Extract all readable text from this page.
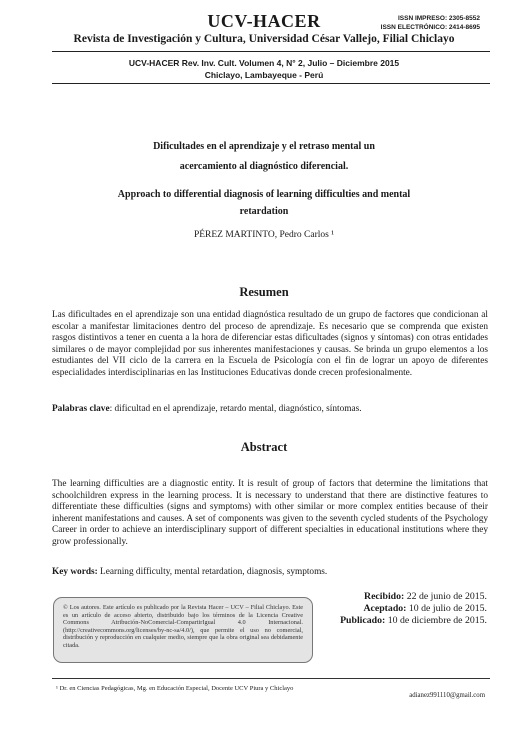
UCV-HACER	ISSN IMPRESO: 2305-8552
ISSN ELECTRÓNICO: 2414-8695
Revista de Investigación y Cultura, Universidad César Vallejo, Filial Chiclayo
UCV-HACER Rev. Inv. Cult. Volumen 4, N° 2, Julio – Diciembre 2015
Chiclayo, Lambayeque - Perú
Dificultades en el aprendizaje y el retraso mental un
acercamiento al diagnóstico diferencial.
Approach to differential diagnosis of learning difficulties and mental
retardation
PÉREZ MARTINTO, Pedro Carlos ¹
Resumen
Las dificultades en el aprendizaje son una entidad diagnóstica resultado de un grupo de factores que condicionan al escolar a manifestar limitaciones dentro del proceso de aprendizaje. Es necesario que se comprenda que existen rasgos distintivos a tener en cuenta a la hora de diferenciar estas dificultades (signos y síntomas) con otras entidades similares o de mayor complejidad por sus inherentes manifestaciones y causas. Se brinda un grupo elementos a los estudiantes del VII ciclo de la carrera en la Escuela de Psicología con el fin de lograr un apoyo de diferentes especialidades interdisciplinarias en las Instituciones Educativas donde crecen profesionalmente.
Palabras clave: dificultad en el aprendizaje, retardo mental, diagnóstico, síntomas.
Abstract
The learning difficulties are a diagnostic entity. It is result of group of factors that determine the limitations that schoolchildren express in the learning process. It is necessary to understand that there are distinctive features to differentiate these difficulties (signs and symptoms) with other similar or more complex entities because of their inherent manifestations and causes. A set of components was given to the seventh cycled students of the Psychology Career in order to achieve an interdisciplinary support of different specialties in educational institutions where they grow professionally.
Key words: Learning difficulty, mental retardation, diagnosis, symptoms.
© Los autores. Este artículo es publicado por la Revista Hacer – UCV – Filial Chiclayo. Este es un artículo de acceso abierto, distribuido bajo los términos de la Licencia Creative Commons Atribución-NoComercial-CompartirIgual 4.0 Internacional. (http://creativecommons.org/licenses/by-nc-sa/4.0/), que permite el uso no comercial, distribución y reproducción en cualquier medio, siempre que la obra original sea debidamente citada.
Recibido: 22 de junio de 2015.
Aceptado: 10 de julio de 2015.
Publicado: 10 de diciembre de 2015.
¹ Dr. en Ciencias Pedagógicas, Mg. en Educación Especial, Docente UCV Piura y Chiclayo
adianez991110@gmail.com
